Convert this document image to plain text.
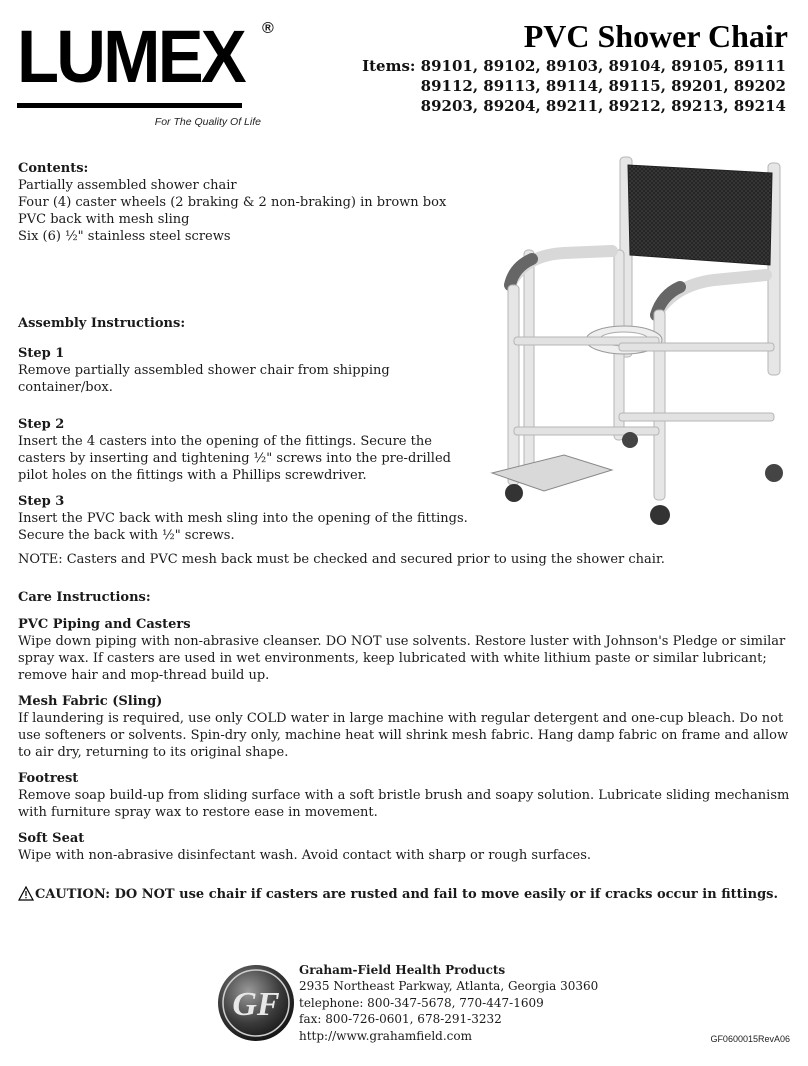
LUMEX ®
For The Quality Of Life
PVC Shower Chair
Items: 89101, 89102, 89103, 89104, 89105, 89111
89112, 89113, 89114, 89115, 89201, 89202
89203, 89204, 89211, 89212, 89213, 89214
Contents:
Partially assembled shower chair
Four (4) caster wheels (2 braking & 2 non-braking) in brown box
PVC back with mesh sling
Six (6) ½" stainless steel screws
Assembly Instructions:
Step 1
Remove partially assembled shower chair from shipping container/box.
Step 2
Insert the 4 casters into the opening of the fittings. Secure the casters by inserting and tightening ½" screws into the pre-drilled pilot holes on the fittings with a Phillips screwdriver.
Step 3
Insert the PVC back with mesh sling into the opening of the fittings. Secure the back with ½" screws.
NOTE: Casters and PVC mesh back must be checked and secured prior to using the shower chair.
Care Instructions:
PVC Piping and Casters
Wipe down piping with non-abrasive cleanser. DO NOT use solvents. Restore luster with Johnson's Pledge or similar spray wax. If casters are used in wet environments, keep lubricated with white lithium paste or similar lubricant; remove hair and mop-thread build up.
Mesh Fabric (Sling)
If laundering is required, use only COLD water in large machine with regular detergent and one-cup bleach. Do not use softeners or solvents. Spin-dry only, machine heat will shrink mesh fabric. Hang damp fabric on frame and allow to air dry, returning to its original shape.
Footrest
Remove soap build-up from sliding surface with a soft bristle brush and soapy solution. Lubricate sliding mechanism with furniture spray wax to restore ease in movement.
Soft Seat
Wipe with non-abrasive disinfectant wash. Avoid contact with sharp or rough surfaces.
CAUTION: DO NOT use chair if casters are rusted and fail to move easily or if cracks occur in fittings.
GF
Graham-Field Health Products
2935 Northeast Parkway, Atlanta, Georgia 30360
telephone: 800-347-5678, 770-447-1609
fax: 800-726-0601, 678-291-3232
http://www.grahamfield.com	GF0600015RevA06
